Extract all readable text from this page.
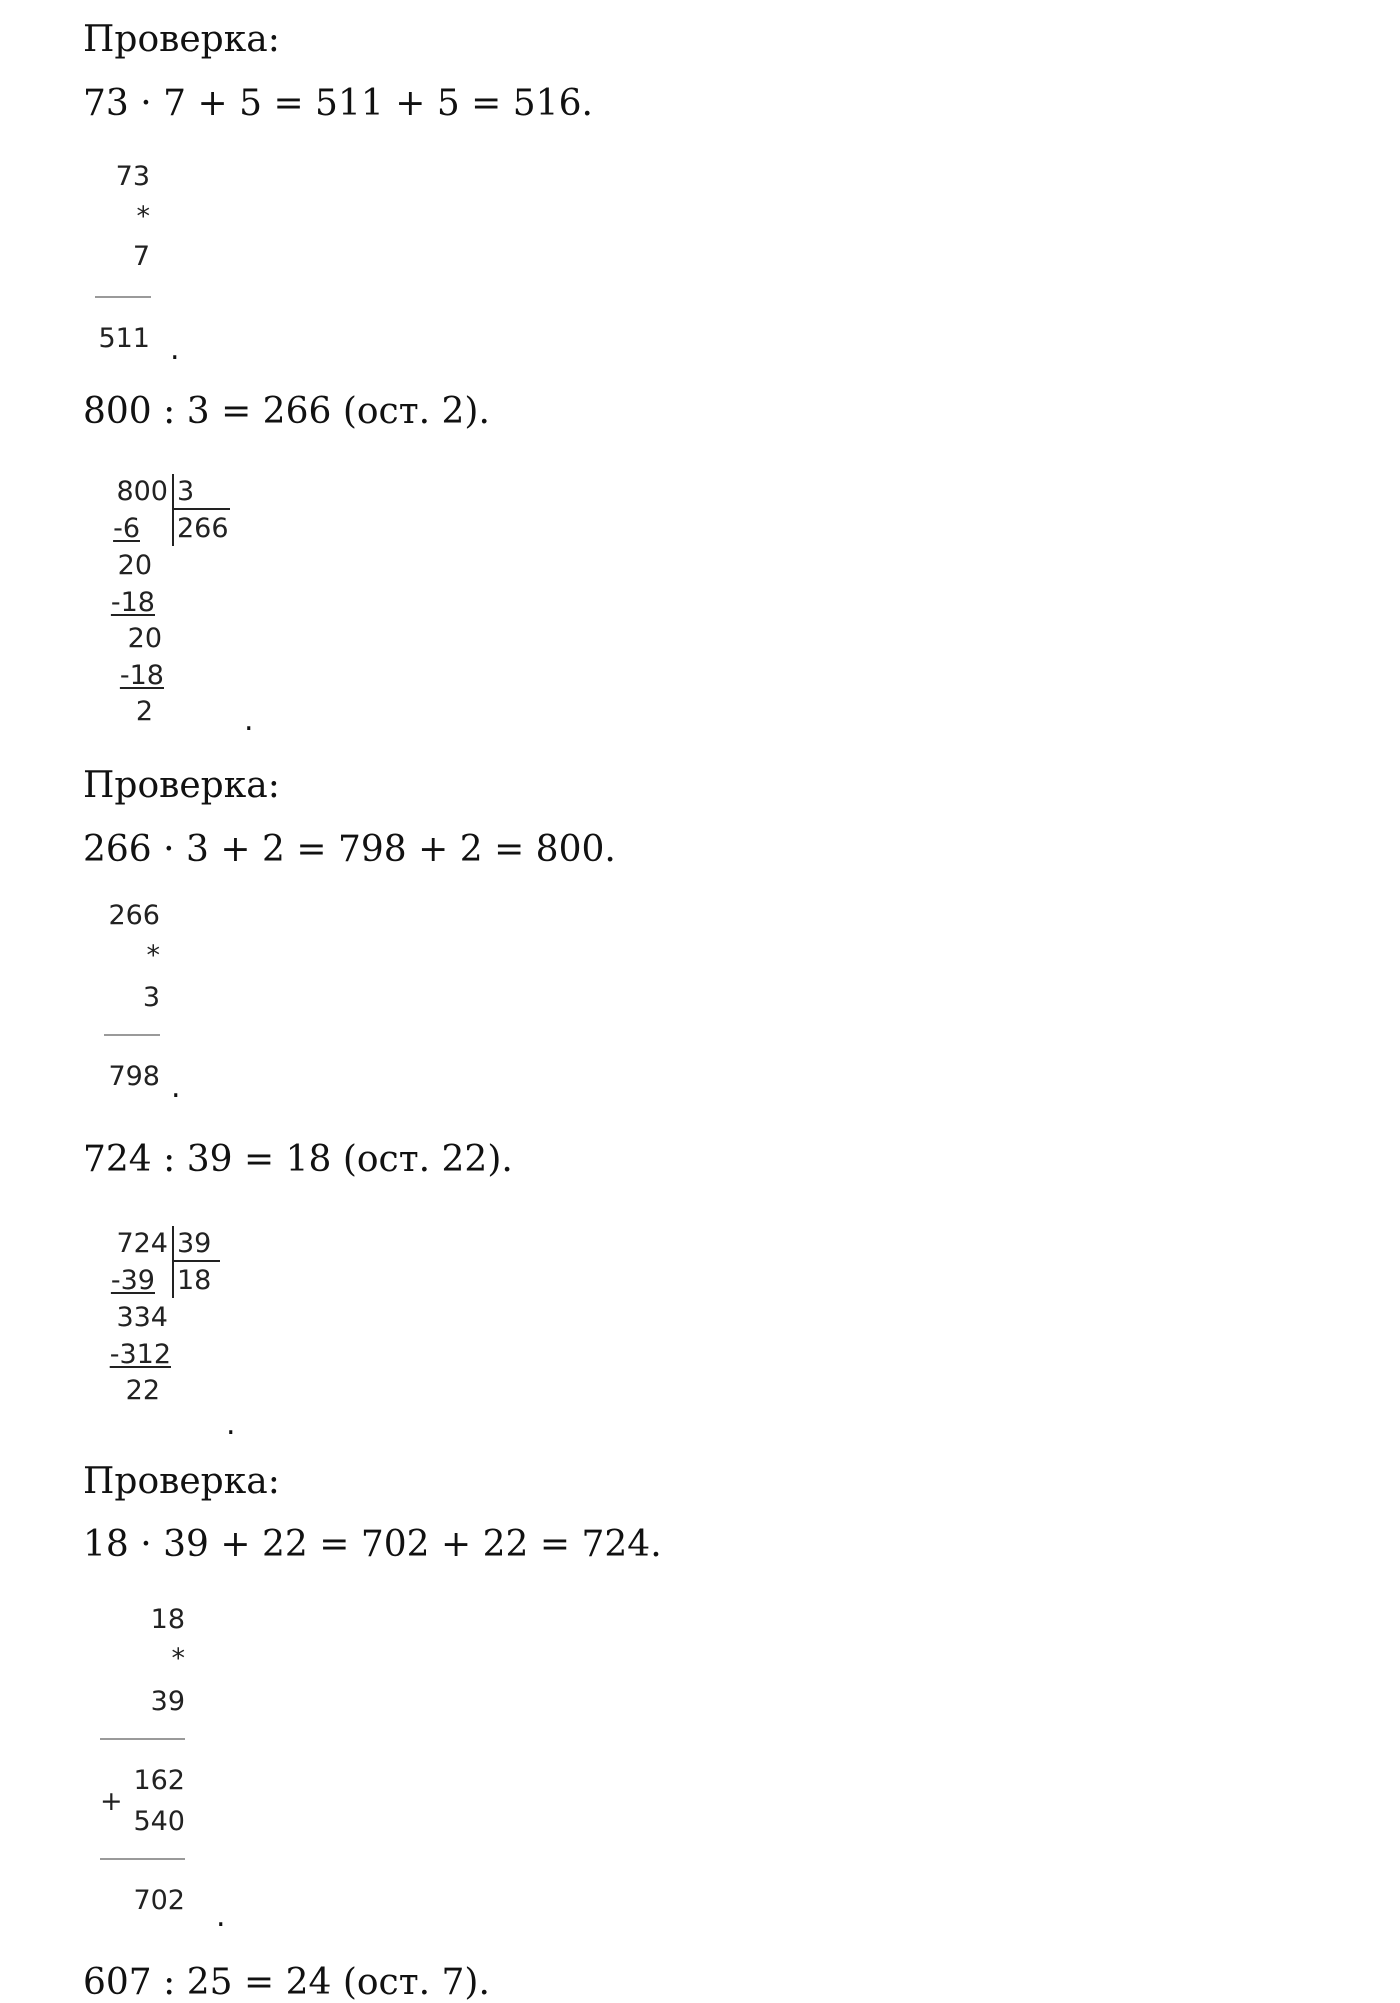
Проверка:
73 · 7 + 5 = 511 + 5 = 516.
73
*
7
511 .
800 : 3 = 266 (ост. 2).
800 3
266
-6
20
-18
20
-18
2	.
Проверка:
266 · 3 + 2 = 798 + 2 = 800.
266
*
3
798 .
724 : 39 = 18 (ост. 22).
724 39
18
-39
334
-312
22
.
Проверка:
18 · 39 + 22 = 702 + 22 = 724.
18
*
39
162
+
540
702 .
607 : 25 = 24 (ост. 7).
